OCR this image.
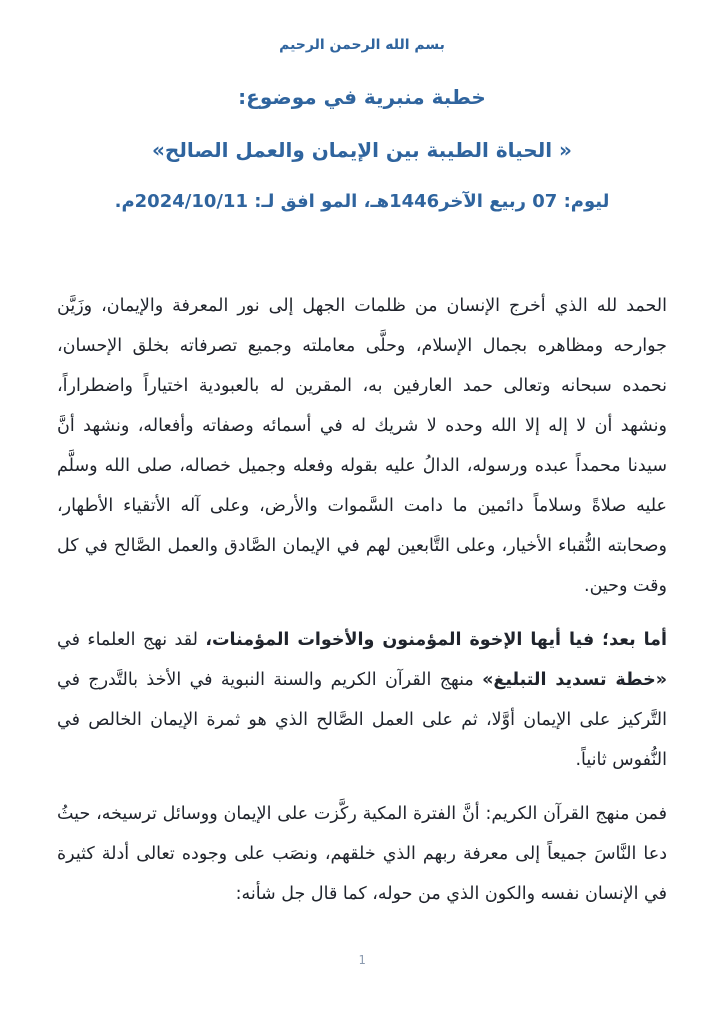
بسم الله الرحمن الرحيم

خطبة منبرية في موضوع:

« الحياة الطيبة بين الإيمان والعمل الصالح»

ليوم: 07 ربيع الآخر1446هـ، المو افق لـ: 2024/10/11م.

الحمد لله الذي أخرج الإنسان من ظلمات الجهل إلى نور المعرفة والإيمان، وزَيَّن جوارحه ومظاهره بجمال الإسلام، وحلَّى معاملته وجميع تصرفاته بخلق الإحسان، نحمده سبحانه وتعالى حمد العارفين به، المقرين له بالعبودية اختياراً واضطراراً، ونشهد أن لا إله إلا الله وحده لا شريك له في أسمائه وصفاته وأفعاله، ونشهد أنَّ سيدنا محمداً عبده ورسوله، الدالُ عليه بقوله وفعله وجميل خصاله، صلى الله وسلَّم عليه صلاةً وسلاماً دائمين ما دامت السَّموات والأرض، وعلى آله الأتقياء الأطهار، وصحابته النُّقباء الأخيار، وعلى التَّابعين لهم في الإيمان الصَّادق والعمل الصَّالح في كل وقت وحين.

أما بعد؛ فيا أيها الإخوة المؤمنون والأخوات المؤمنات، لقد نهج العلماء في «خطة تسديد التبليغ» منهج القرآن الكريم والسنة النبوية في الأخذ بالتَّدرج في التَّركيز على الإيمان أوَّلا، ثم على العمل الصَّالح الذي هو ثمرة الإيمان الخالص في النُّفوس ثانياً.

فمن منهج القرآن الكريم: أنَّ الفترة المكية ركَّزت على الإيمان ووسائل ترسيخه، حيثُ دعا النَّاسَ جميعاً إلى معرفة ربهم الذي خلقهم، ونصَب على وجوده تعالى أدلة كثيرة في الإنسان نفسه والكون الذي من حوله، كما قال جل شأنه:

1
